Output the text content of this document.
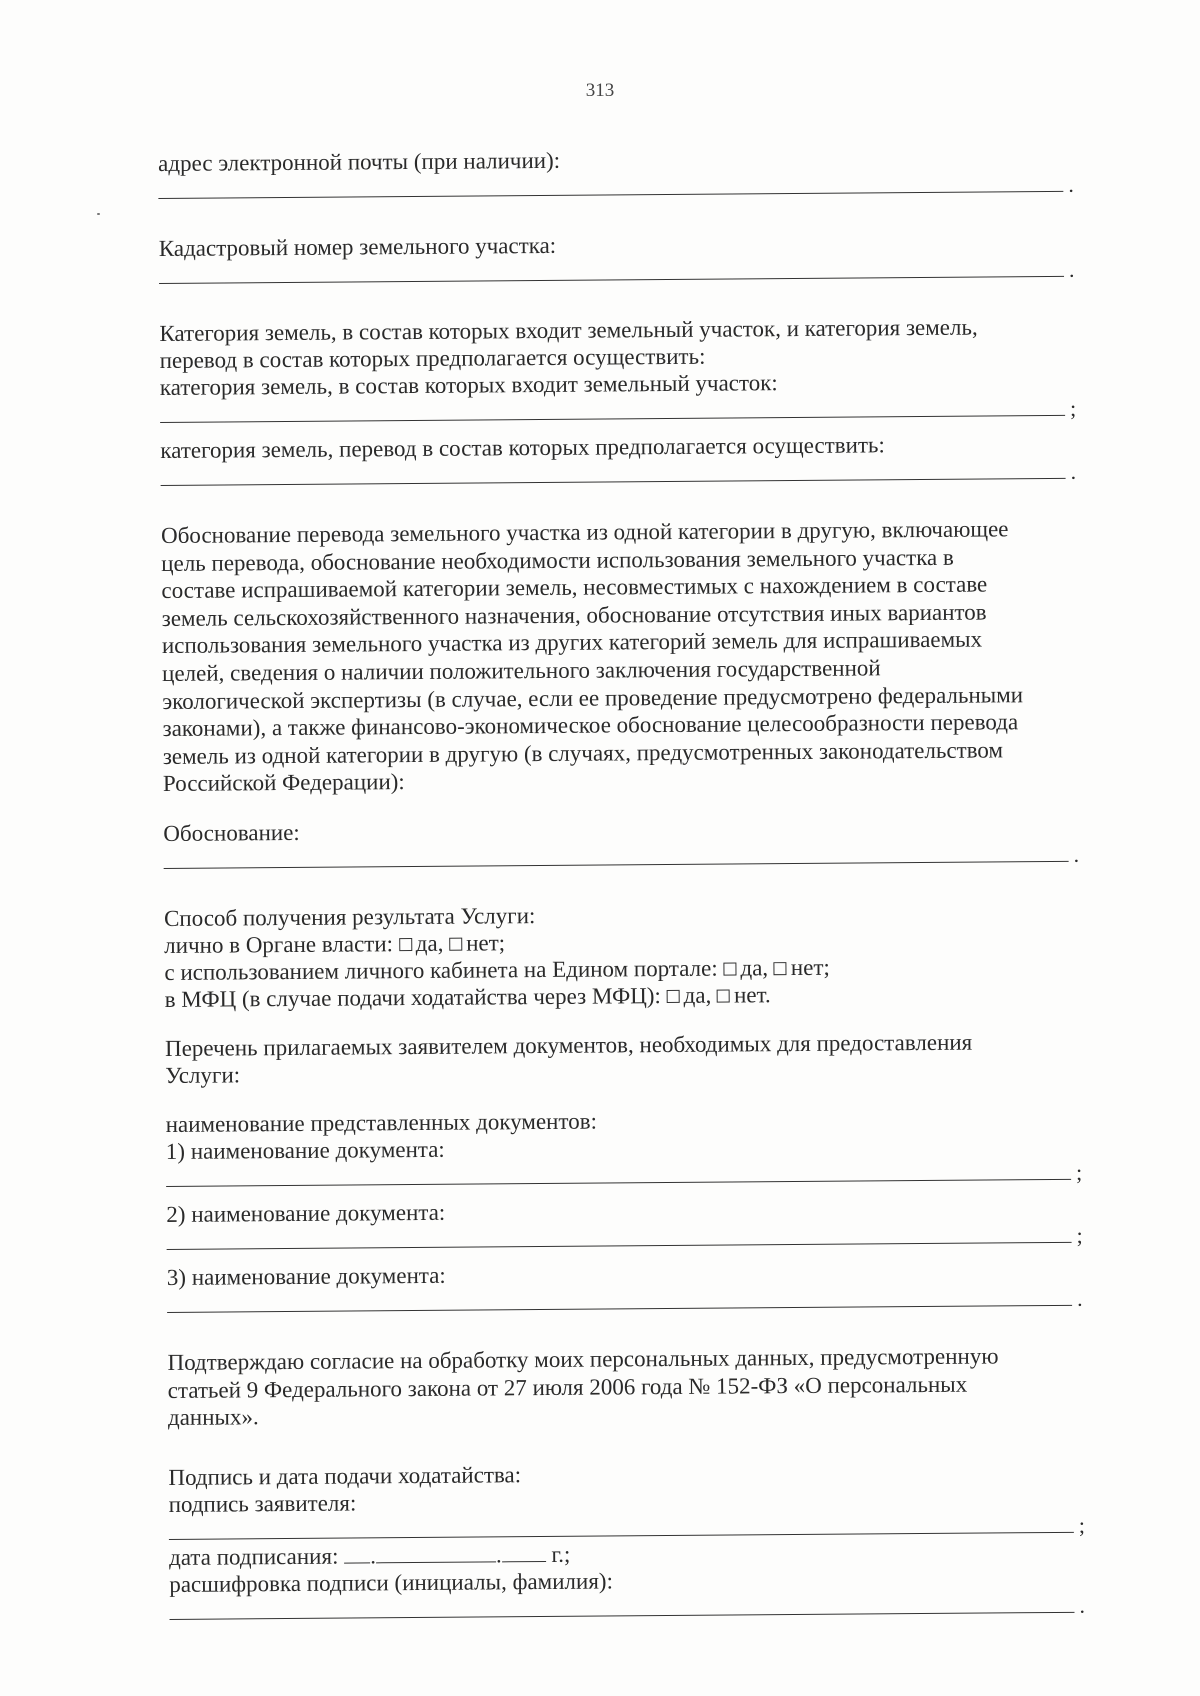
313
адрес электронной почты (при наличии):
.
Кадастровый номер земельного участка:
.
Категория земель, в состав которых входит земельный участок, и категория земель,
перевод в состав которых предполагается осуществить:
категория земель, в состав которых входит земельный участок:
;
категория земель, перевод в состав которых предполагается осуществить:
.
Обоснование перевода земельного участка из одной категории в другую, включающее
цель перевода, обоснование необходимости использования земельного участка в
составе испрашиваемой категории земель, несовместимых с нахождением в составе
земель сельскохозяйственного назначения, обоснование отсутствия иных вариантов
использования земельного участка из других категорий земель для испрашиваемых
целей, сведения о наличии положительного заключения государственной
экологической экспертизы (в случае, если ее проведение предусмотрено федеральными
законами), а также финансово-экономическое обоснование целесообразности перевода
земель из одной категории в другую (в случаях, предусмотренных законодательством
Российской Федерации):
Обоснование:
.
Способ получения результата Услуги:
лично в Органе власти: да, нет;
с использованием личного кабинета на Едином портале: да, нет;
в МФЦ (в случае подачи ходатайства через МФЦ): да, нет.
Перечень прилагаемых заявителем документов, необходимых для предоставления
Услуги:
наименование представленных документов:
1) наименование документа:
;
2) наименование документа:
;
3) наименование документа:
.
Подтверждаю согласие на обработку моих персональных данных, предусмотренную
статьей 9 Федерального закона от 27 июля 2006 года № 152-ФЗ «О персональных
данных».
Подпись и дата подачи ходатайства:
подпись заявителя:
;
дата подписания: .	. г.;
расшифровка подписи (инициалы, фамилия):
.
